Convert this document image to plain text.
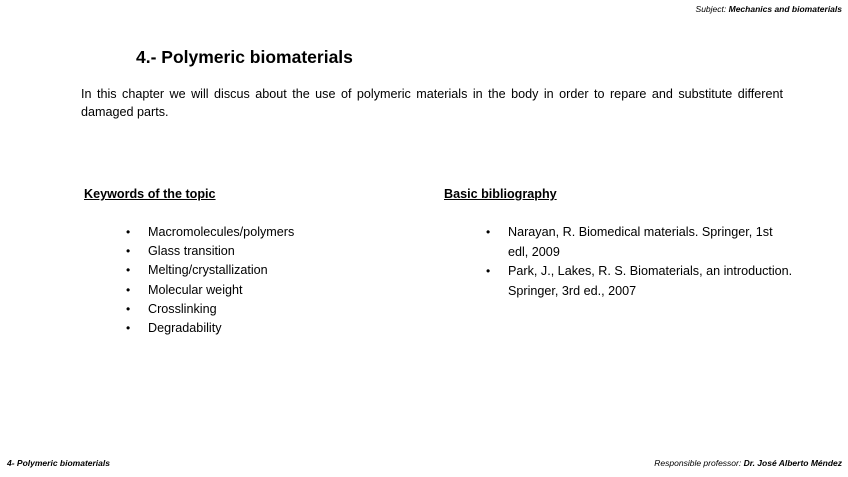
Subject: Mechanics and biomaterials
4.- Polymeric biomaterials
In this chapter we will discus about the use of polymeric materials in the body in order to repare and substitute different damaged parts.
Keywords of the topic
• Macromolecules/polymers
• Glass transition
• Melting/crystallization
• Molecular weight
• Crosslinking
• Degradability
Basic bibliography
• Narayan, R. Biomedical materials. Springer, 1st edl, 2009
• Park, J., Lakes, R. S. Biomaterials, an introduction. Springer, 3rd ed., 2007
4- Polymeric biomaterials	Responsible professor: Dr. José Alberto Méndez
